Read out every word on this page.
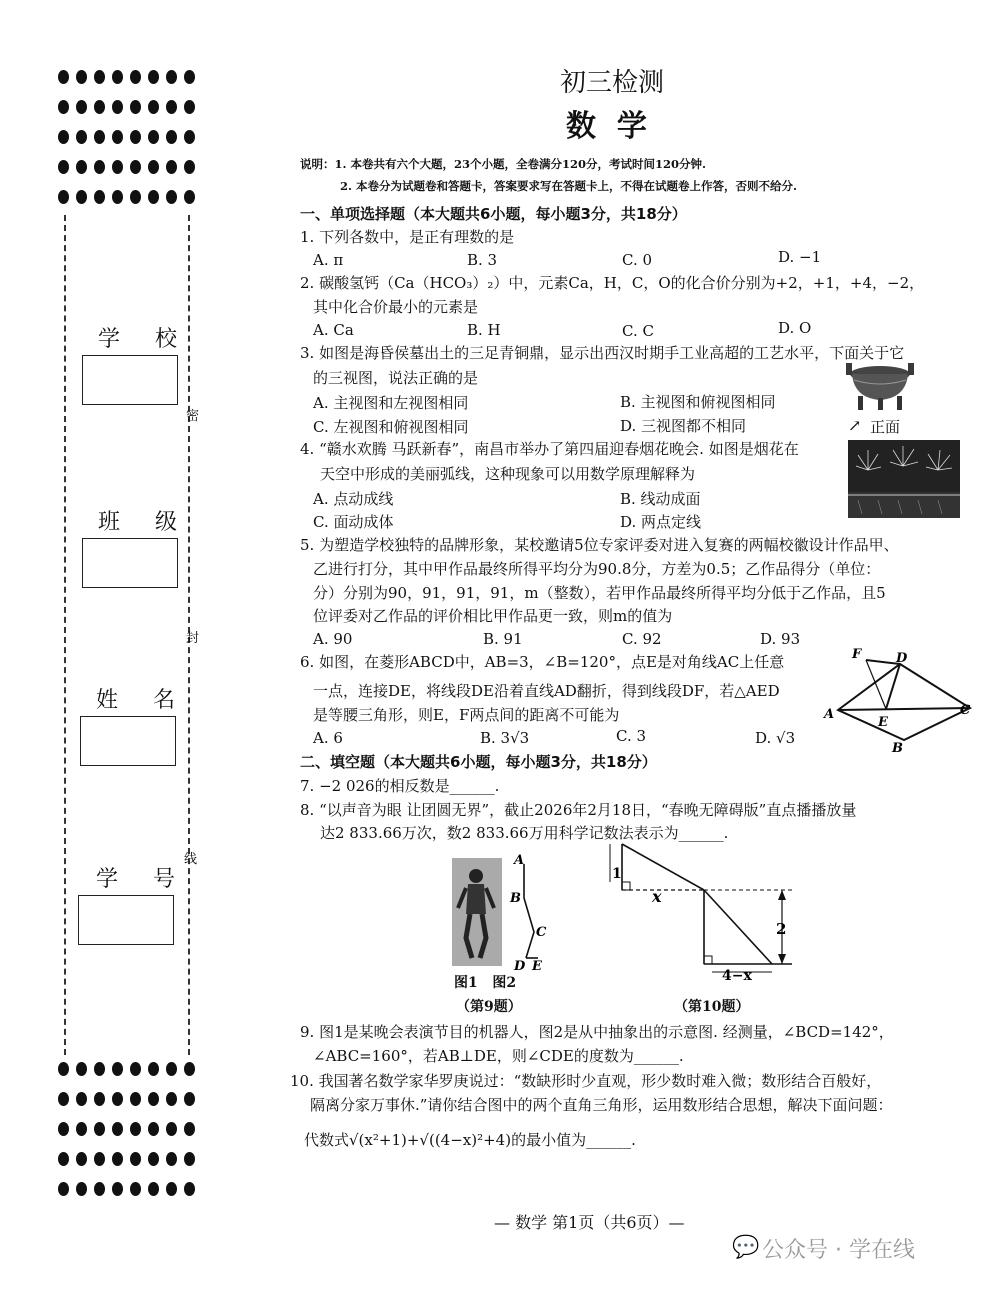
学 校
班 级
姓 名
学 号
密
封
线
初三检测
数  学
说明：1. 本卷共有六个大题，23个小题，全卷满分120分，考试时间120分钟.
2. 本卷分为试题卷和答题卡，答案要求写在答题卡上，不得在试题卷上作答，否则不给分.
一、单项选择题（本大题共6小题，每小题3分，共18分）
1. 下列各数中，是正有理数的是
A. π	B. 3	C. 0	D. −1
2. 碳酸氢钙（Ca（HCO₃）₂）中，元素Ca，H，C，O的化合价分别为+2，+1，+4，−2，
其中化合价最小的元素是
A. Ca	B. H	C. C	D. O
3. 如图是海昏侯墓出土的三足青铜鼎，显示出西汉时期手工业高超的工艺水平，下面关于它
的三视图，说法正确的是
A. 主视图和左视图相同	B. 主视图和俯视图相同
C. 左视图和俯视图相同	D. 三视图都不相同	↗ 正面
4. “赣水欢腾 马跃新春”，南昌市举办了第四届迎春烟花晚会. 如图是烟花在
天空中形成的美丽弧线，这种现象可以用数学原理解释为
A. 点动成线	B. 线动成面
C. 面动成体	D. 两点定线
5. 为塑造学校独特的品牌形象，某校邀请5位专家评委对进入复赛的两幅校徽设计作品甲、
乙进行打分，其中甲作品最终所得平均分为90.8分，方差为0.5；乙作品得分（单位：
分）分别为90，91，91，91，m（整数），若甲作品最终所得平均分低于乙作品，且5
位评委对乙作品的评价相比甲作品更一致，则m的值为
A. 90	B. 91	C. 92	D. 93
6. 如图，在菱形ABCD中，AB=3，∠B=120°，点E是对角线AC上任意
一点，连接DE，将线段DE沿着直线AD翻折，得到线段DF，若△AED
是等腰三角形，则E，F两点间的距离不可能为
A. 6	B. 3√3	C. 3	D. √3
F	D
A
E
C
B
二、填空题（本大题共6小题，每小题3分，共18分）
7. −2 026的相反数是______.
8. “以声音为眼 让团圆无界”，截止2026年2月18日，“春晚无障碍版”直点播播放量
达2 833.66万次，数2 833.66万用科学记数法表示为______.
A
B
C
D E
图1   图2
（第9题）
1
x
2
4−x
（第10题）
9. 图1是某晚会表演节目的机器人，图2是从中抽象出的示意图. 经测量，∠BCD=142°，
∠ABC=160°，若AB⊥DE，则∠CDE的度数为______.
10. 我国著名数学家华罗庚说过：“数缺形时少直观，形少数时难入微；数形结合百般好，
隔离分家万事休.”请你结合图中的两个直角三角形，运用数形结合思想，解决下面问题：
代数式√(x²+1)+√((4−x)²+4)的最小值为______.
— 数学 第1页（共6页）—
💬 公众号 · 学在线
